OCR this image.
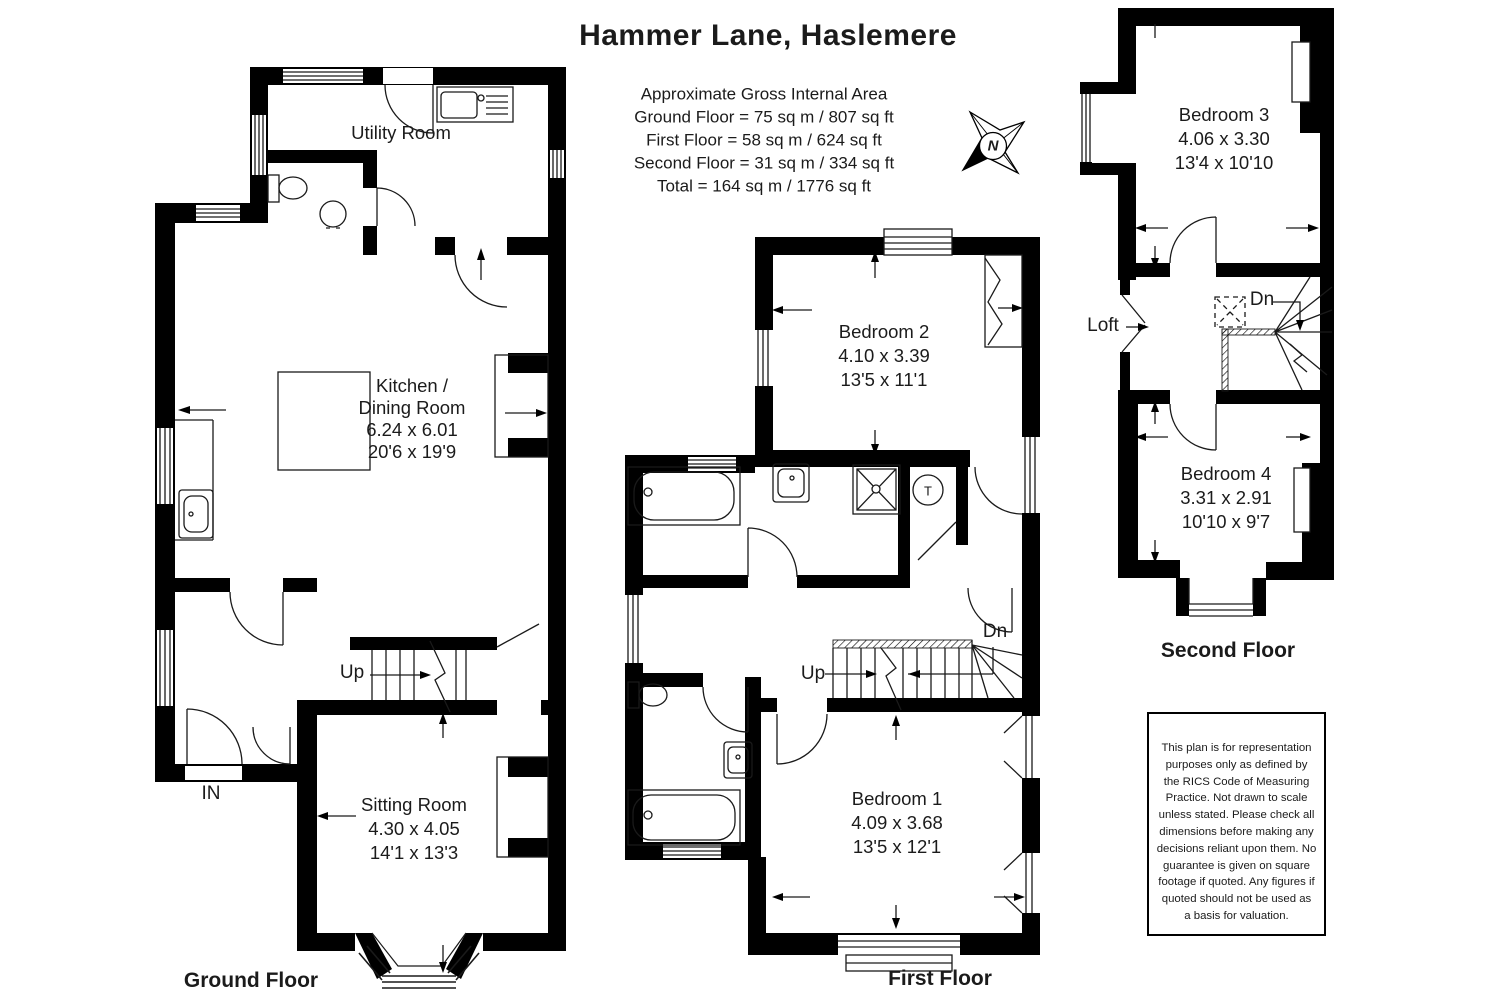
Hammer Lane, Haslemere
Approximate Gross Internal Area
Ground Floor = 75 sq m / 807 sq ft
First Floor = 58 sq m / 624 sq ft
Second Floor = 31 sq m / 334 sq ft
Total = 164 sq m / 1776 sq ft
N
Utility Room
Kitchen /
Dining Room
6.24 x 6.01
20'6 x 19'9
Sitting Room
4.30 x 4.05
14'1 x 13'3
Up
IN
Ground Floor
Bedroom 2
4.10 x 3.39
13'5 x 11'1
Bedroom 1
4.09 x 3.68
13'5 x 12'1
Up
Dn
T
First Floor
Bedroom 3
4.06 x 3.30
13'4 x 10'10
Bedroom 4
3.31 x 2.91
10'10 x 9'7
Loft
Dn
Second Floor
This plan is for representation
purposes only as defined by
the RICS Code of Measuring
Practice. Not drawn to scale
unless stated. Please check all
dimensions before making any
decisions reliant upon them. No
guarantee is given on square
footage if quoted. Any figures if
quoted should not be used as
a basis for valuation.
